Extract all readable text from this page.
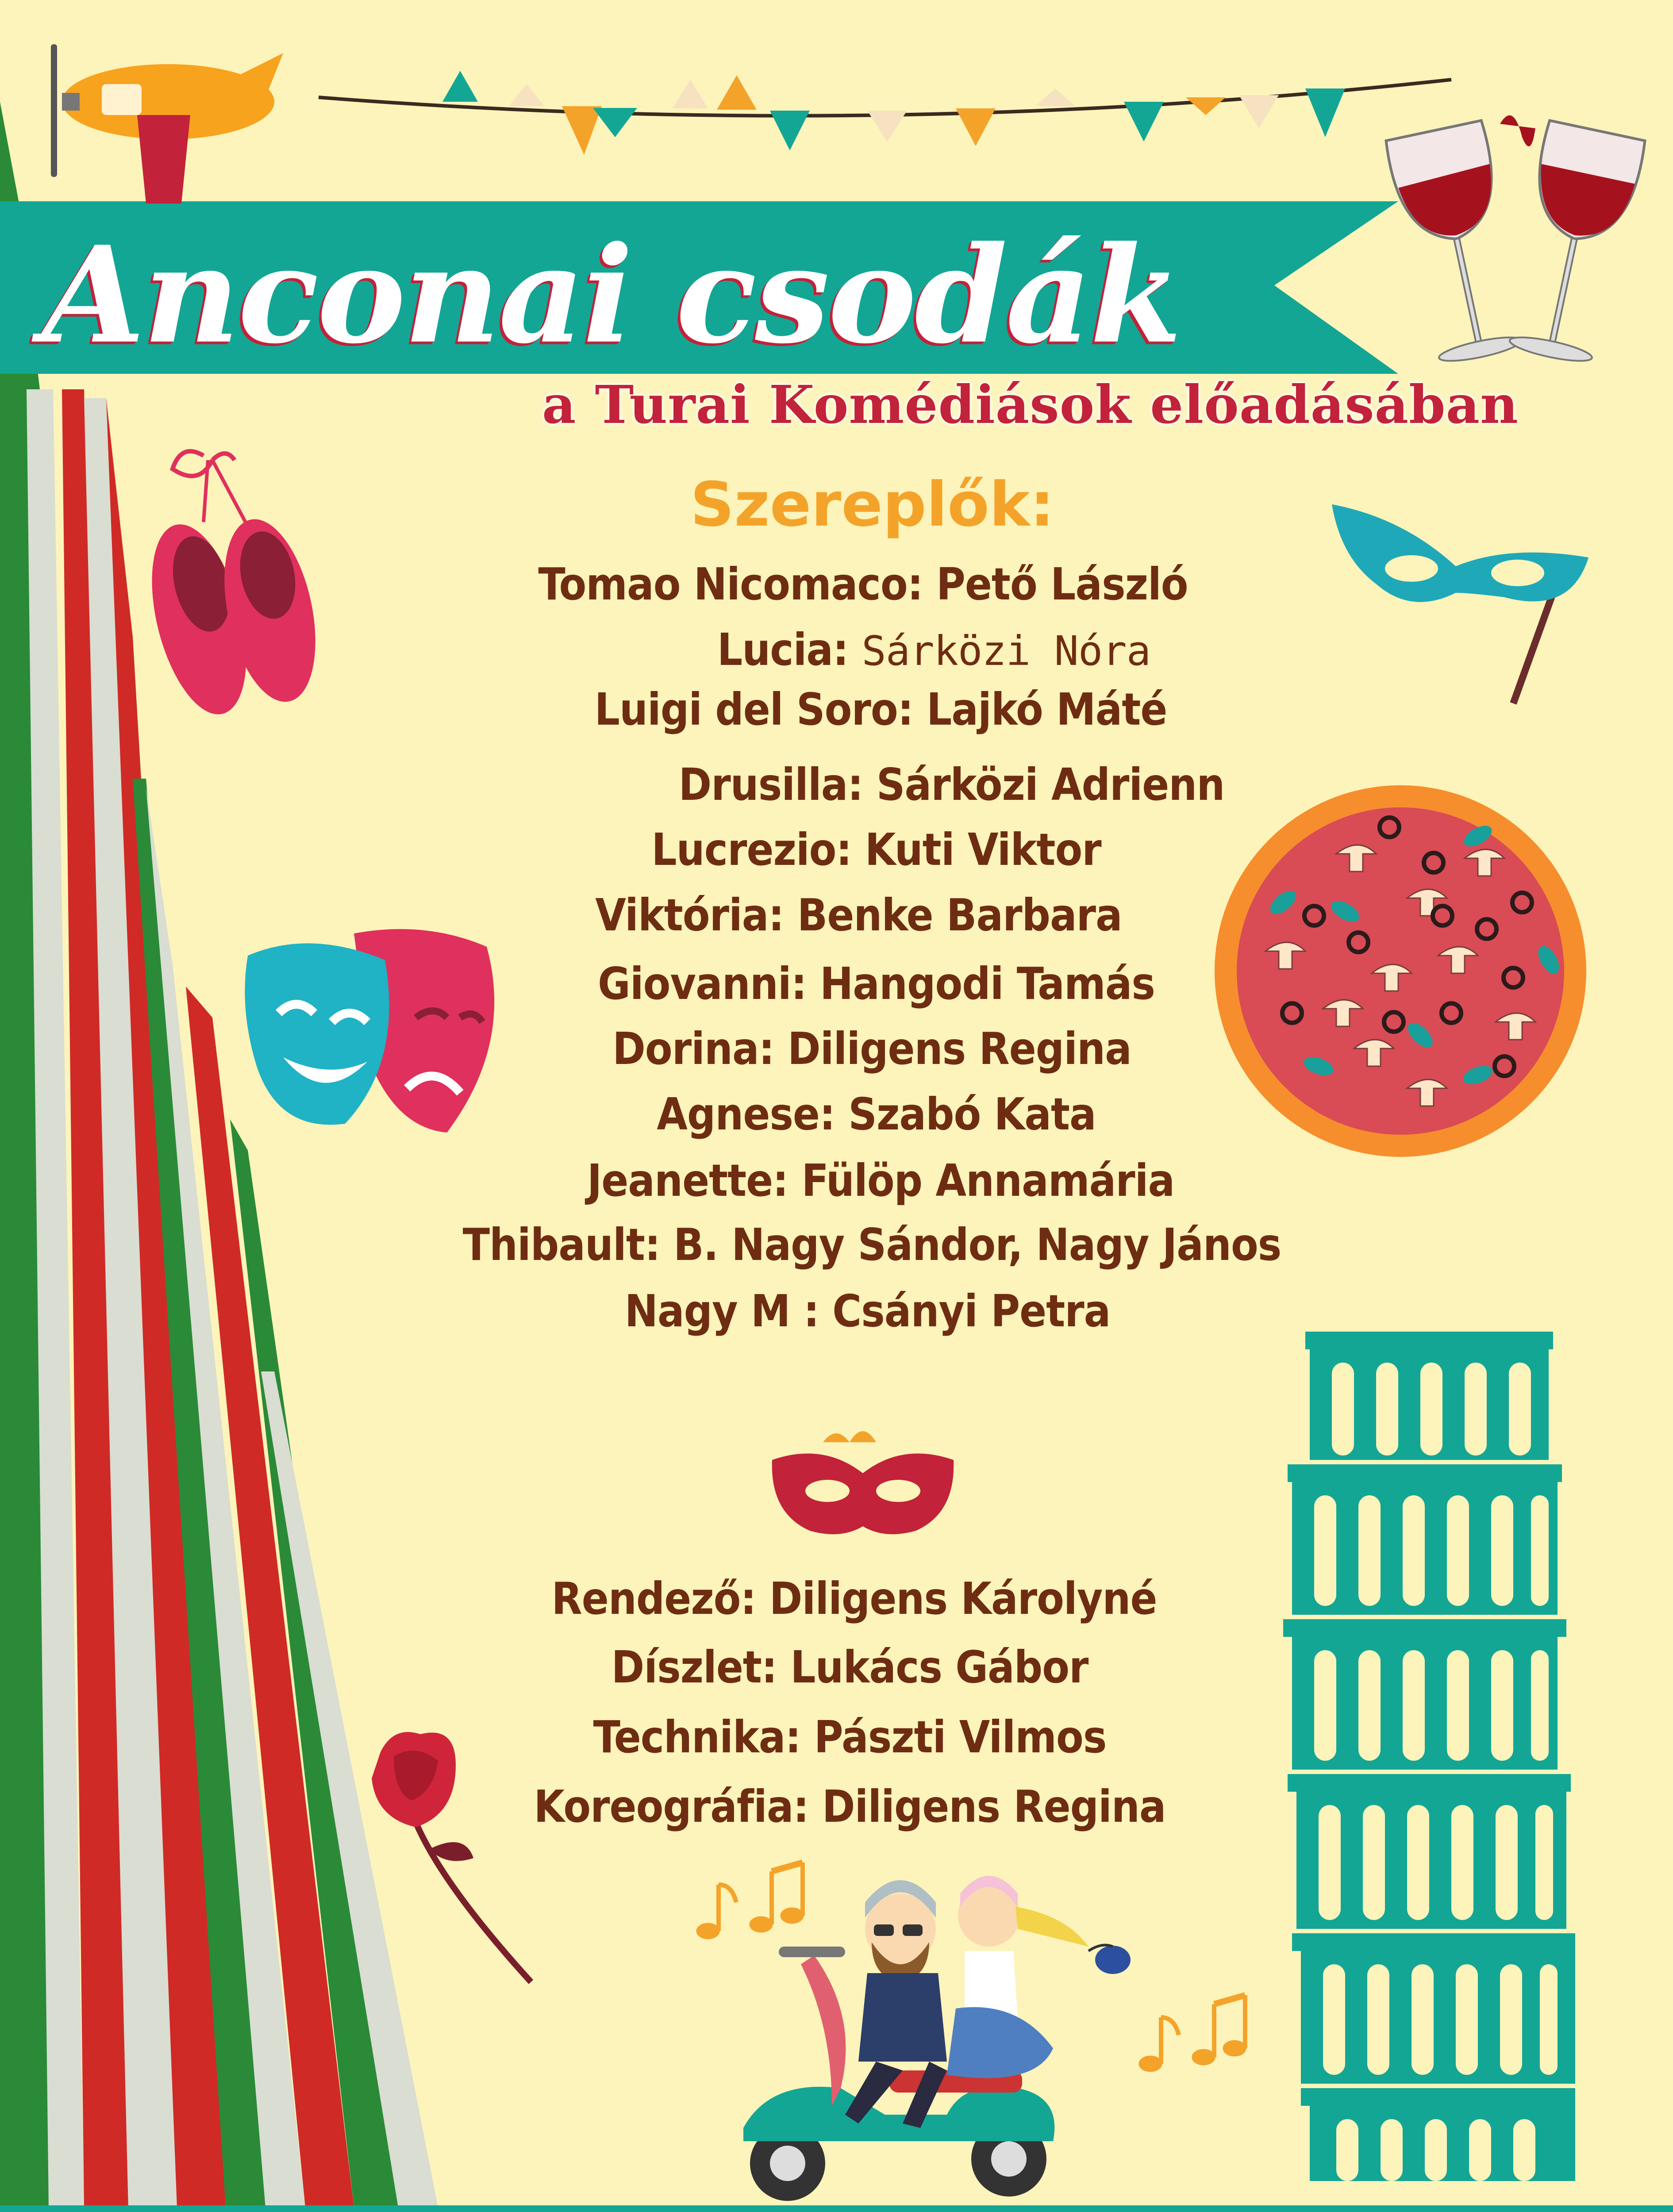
Anconai csodák
a Turai Komédiások előadásában
Szereplők:
Tomao Nicomaco: Pető László
Lucia: Sárközi Nóra
Luigi del Soro: Lajkó Máté
Drusilla: Sárközi Adrienn
Lucrezio: Kuti Viktor
Viktória: Benke Barbara
Giovanni: Hangodi Tamás
Dorina: Diligens Regina
Agnese: Szabó Kata
Jeanette: Fülöp Annamária
Thibault: B. Nagy Sándor, Nagy János
Nagy M : Csányi Petra
Rendező: Diligens Károlyné
Díszlet: Lukács Gábor
Technika: Pászti Vilmos
Koreográfia: Diligens Regina
